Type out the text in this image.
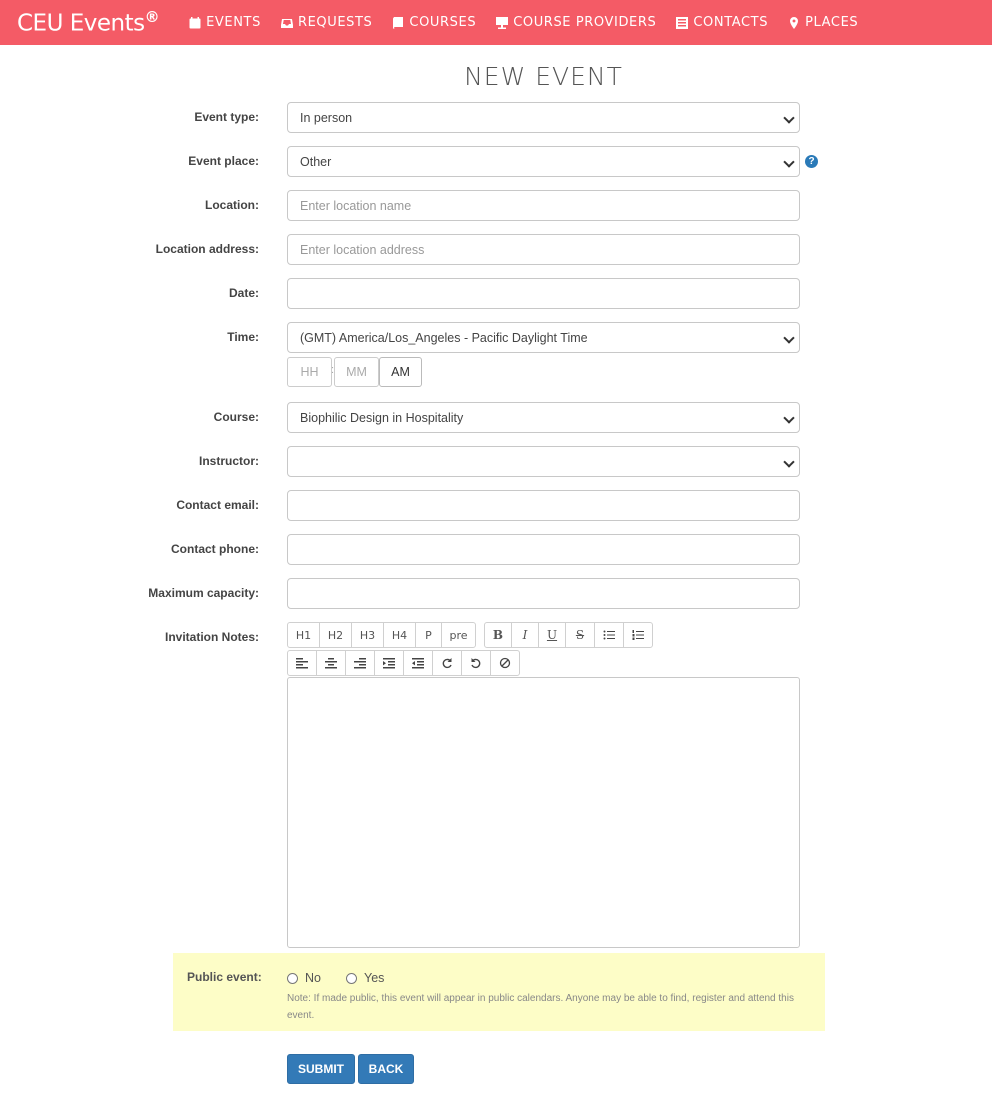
CEU Events®	EVENTS	REQUESTS	COURSES	COURSE PROVIDERS	CONTACTS	PLACES
NEW EVENT
Event type:	In person
Event place:	Other	?
Location:	Enter location name
Location address:	Enter location address
Date:
Time:	(GMT) America/Los_Angeles - Pacific Daylight Time
HH : MM AM
Course:	Biophilic Design in Hospitality
Instructor:
Contact email:
Contact phone:
Maximum capacity:
Invitation Notes:	H1	H2	H3	H4	P	pre	B	I	U	S
Public event:	No	Yes
Note: If made public, this event will appear in public calendars. Anyone may be able to find, register and attend this event.
SUBMIT	BACK
